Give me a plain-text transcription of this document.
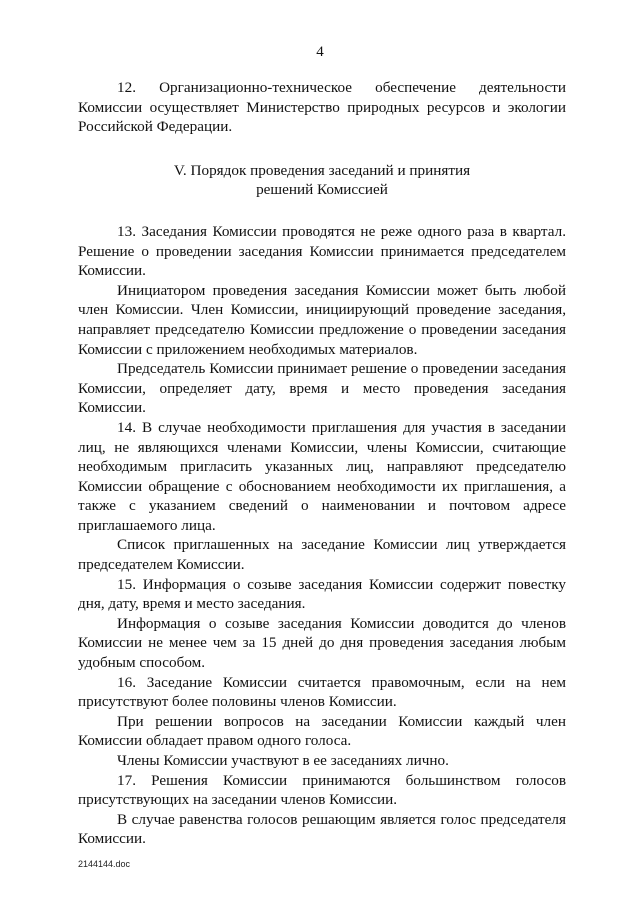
4

12. Организационно-техническое обеспечение деятельности Комиссии осуществляет Министерство природных ресурсов и экологии Российской Федерации.

V. Порядок проведения заседаний и принятия
решений Комиссией

13. Заседания Комиссии проводятся не реже одного раза в квартал. Решение о проведении заседания Комиссии принимается председателем Комиссии.

Инициатором проведения заседания Комиссии может быть любой член Комиссии. Член Комиссии, инициирующий проведение заседания, направляет председателю Комиссии предложение о проведении заседания Комиссии с приложением необходимых материалов.

Председатель Комиссии принимает решение о проведении заседания Комиссии, определяет дату, время и место проведения заседания Комиссии.

14. В случае необходимости приглашения для участия в заседании лиц, не являющихся членами Комиссии, члены Комиссии, считающие необходимым пригласить указанных лиц, направляют председателю Комиссии обращение с обоснованием необходимости их приглашения, а также с указанием сведений о наименовании и почтовом адресе приглашаемого лица.

Список приглашенных на заседание Комиссии лиц утверждается председателем Комиссии.

15. Информация о созыве заседания Комиссии содержит повестку дня, дату, время и место заседания.

Информация о созыве заседания Комиссии доводится до членов Комиссии не менее чем за 15 дней до дня проведения заседания любым удобным способом.

16. Заседание Комиссии считается правомочным, если на нем присутствуют более половины членов Комиссии.

При решении вопросов на заседании Комиссии каждый член Комиссии обладает правом одного голоса.

Члены Комиссии участвуют в ее заседаниях лично.

17. Решения Комиссии принимаются большинством голосов присутствующих на заседании членов Комиссии.

В случае равенства голосов решающим является голос председателя Комиссии.

2144144.doc
